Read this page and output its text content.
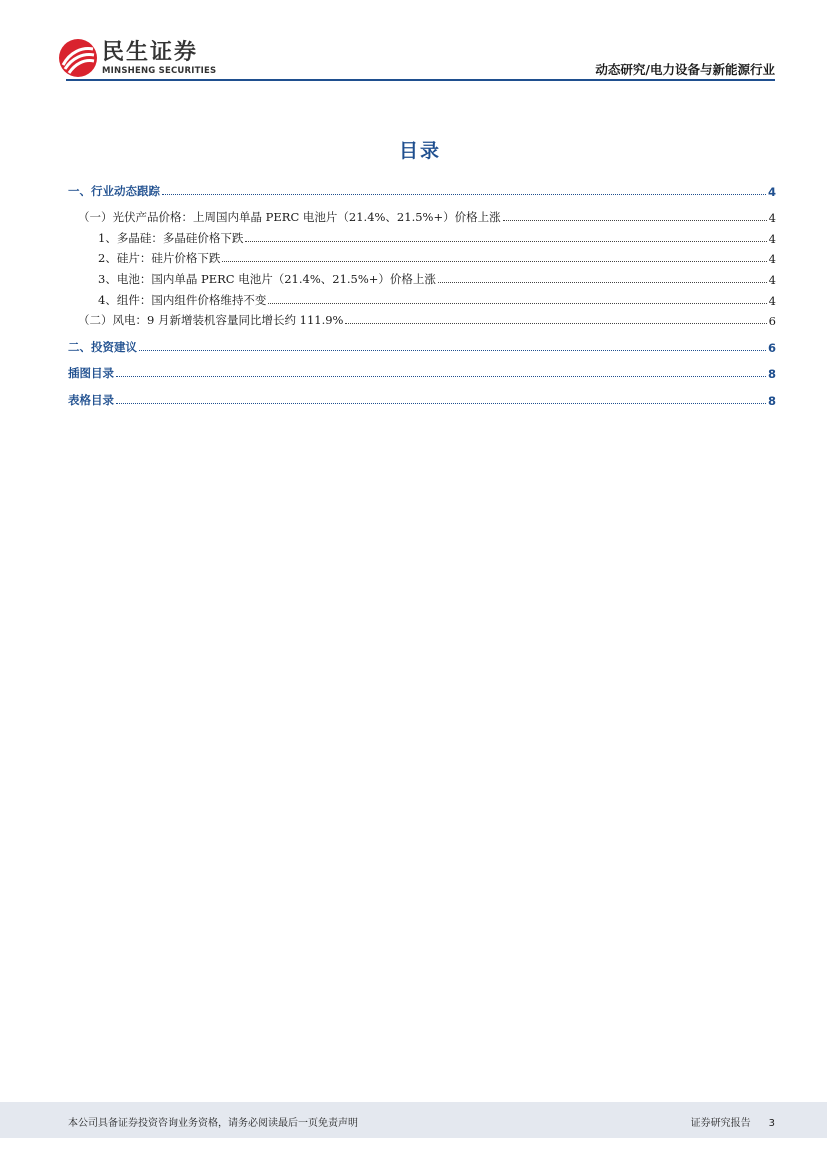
民生证券
MINSHENG SECURITIES	动态研究/电力设备与新能源行业
目录
一、行业动态跟踪	4
（一）光伏产品价格：上周国内单晶 PERC 电池片（21.4%、21.5%+）价格上涨	4
1、多晶硅：多晶硅价格下跌	4
2、硅片：硅片价格下跌	4
3、电池：国内单晶 PERC 电池片（21.4%、21.5%+）价格上涨	4
4、组件：国内组件价格维持不变	4
（二）风电：9 月新增装机容量同比增长约 111.9%	6
二、投资建议	6
插图目录	8
表格目录	8
本公司具备证券投资咨询业务资格，请务必阅读最后一页免责声明	证券研究报告 3
